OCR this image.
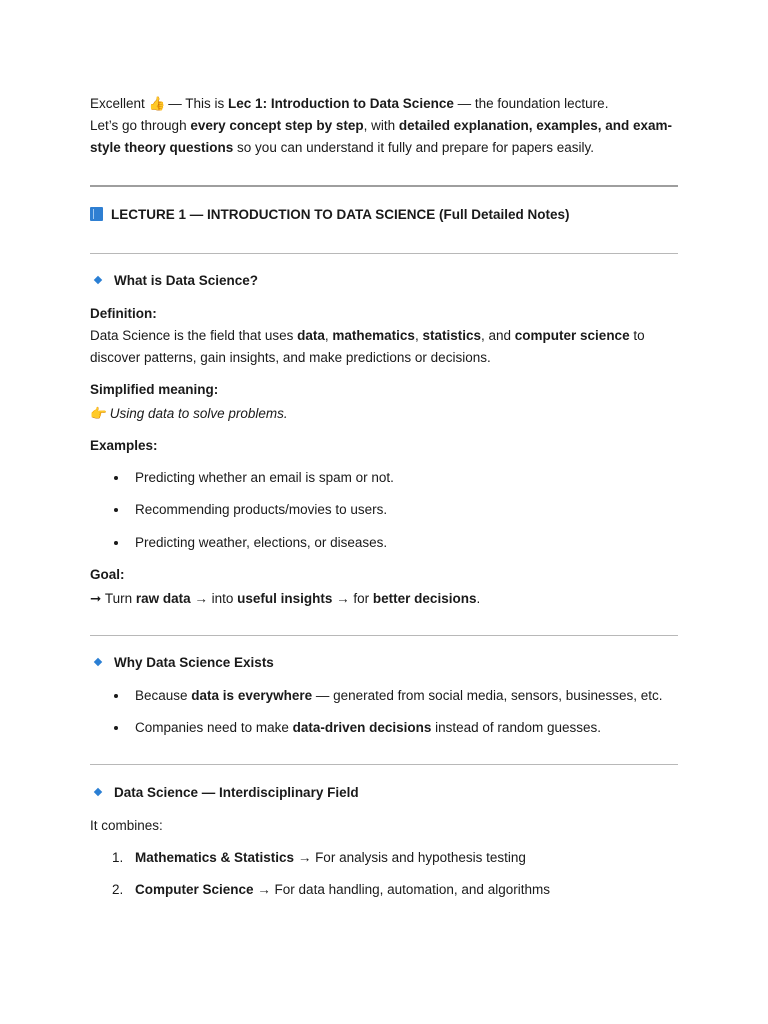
Excellent 👍 — This is Lec 1: Introduction to Data Science — the foundation lecture.

Let’s go through every concept step by step, with detailed explanation, examples, and exam-style theory questions so you can understand it fully and prepare for papers easily.

LECTURE 1 — INTRODUCTION TO DATA SCIENCE (Full Detailed Notes)

What is Data Science?

Definition:

Data Science is the field that uses data, mathematics, statistics, and computer science to discover patterns, gain insights, and make predictions or decisions.

Simplified meaning:

👉 Using data to solve problems.

Examples:

Predicting whether an email is spam or not.
Recommending products/movies to users.
Predicting weather, elections, or diseases.

Goal:

➞ Turn raw data → into useful insights → for better decisions.

Why Data Science Exists

Because data is everywhere — generated from social media, sensors, businesses, etc.
Companies need to make data-driven decisions instead of random guesses.

Data Science — Interdisciplinary Field

It combines:

1. Mathematics & Statistics → For analysis and hypothesis testing
2. Computer Science → For data handling, automation, and algorithms
